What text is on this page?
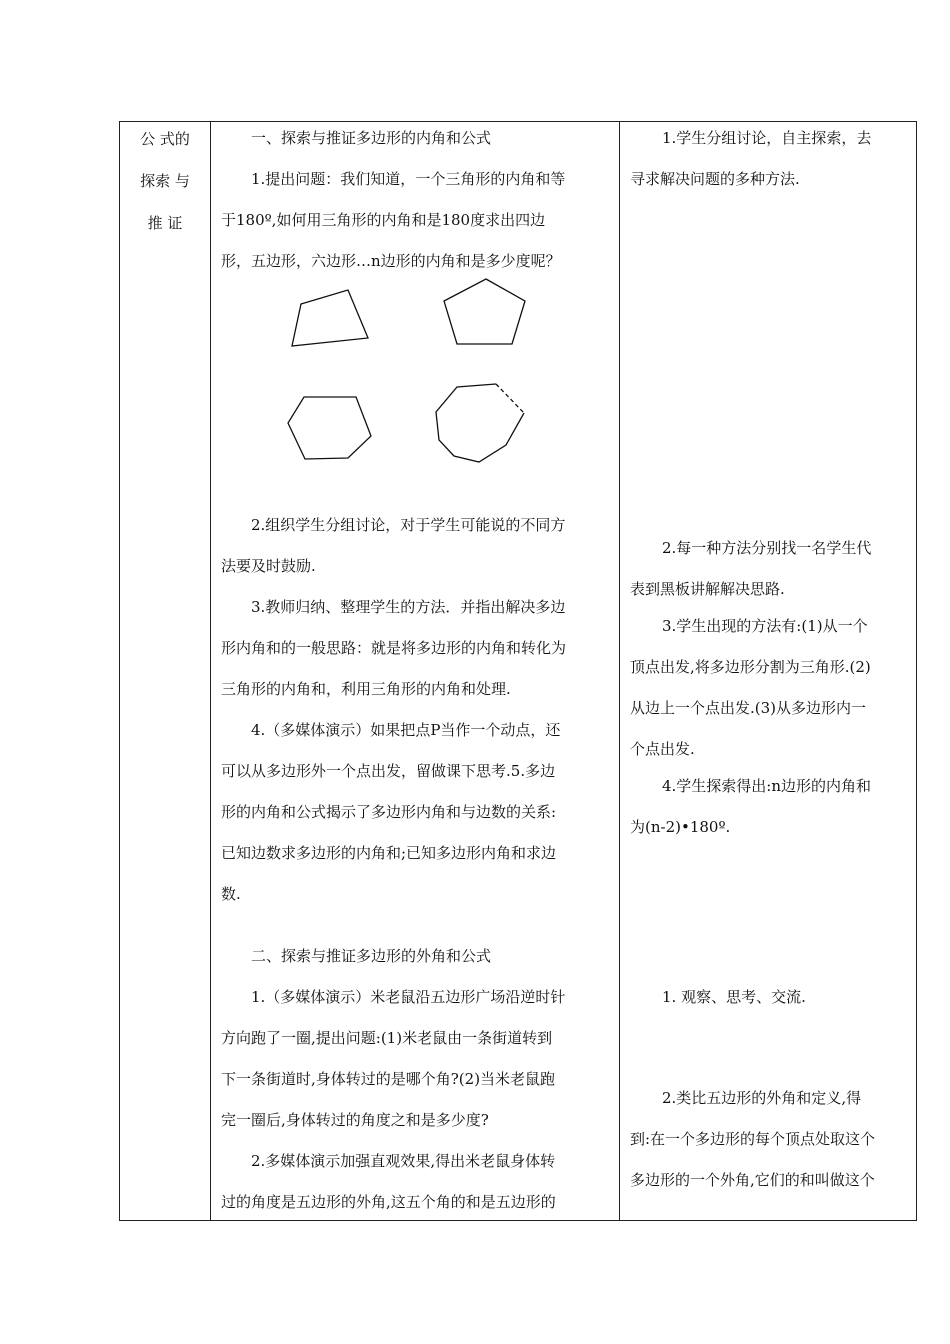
公 式的
探索 与
推 证

一、探索与推证多边形的内角和公式
1.提出问题：我们知道，一个三角形的内角和等
于180º,如何用三角形的内角和是180度求出四边
形，五边形，六边形…n边形的内角和是多少度呢？
2.组织学生分组讨论，对于学生可能说的不同方
法要及时鼓励.
3.教师归纳、整理学生的方法．并指出解决多边
形内角和的一般思路：就是将多边形的内角和转化为
三角形的内角和，利用三角形的内角和处理.
4.（多媒体演示）如果把点P当作一个动点，还
可以从多边形外一个点出发，留做课下思考.5.多边
形的内角和公式揭示了多边形内角和与边数的关系:
已知边数求多边形的内角和;已知多边形内角和求边
数.
二、探索与推证多边形的外角和公式
1.（多媒体演示）米老鼠沿五边形广场沿逆时针
方向跑了一圈,提出问题:(1)米老鼠由一条街道转到
下一条街道时,身体转过的是哪个角?(2)当米老鼠跑
完一圈后,身体转过的角度之和是多少度?
2.多媒体演示加强直观效果,得出米老鼠身体转
过的角度是五边形的外角,这五个角的和是五边形的

1.学生分组讨论，自主探索，去
寻求解决问题的多种方法.
2.每一种方法分别找一名学生代
表到黑板讲解解决思路.
3.学生出现的方法有:(1)从一个
顶点出发,将多边形分割为三角形.(2)
从边上一个点出发.(3)从多边形内一
个点出发.
4.学生探索得出:n边形的内角和
为(n-2)•180º.
1. 观察、思考、交流.
2.类比五边形的外角和定义,得
到:在一个多边形的每个顶点处取这个
多边形的一个外角,它们的和叫做这个
